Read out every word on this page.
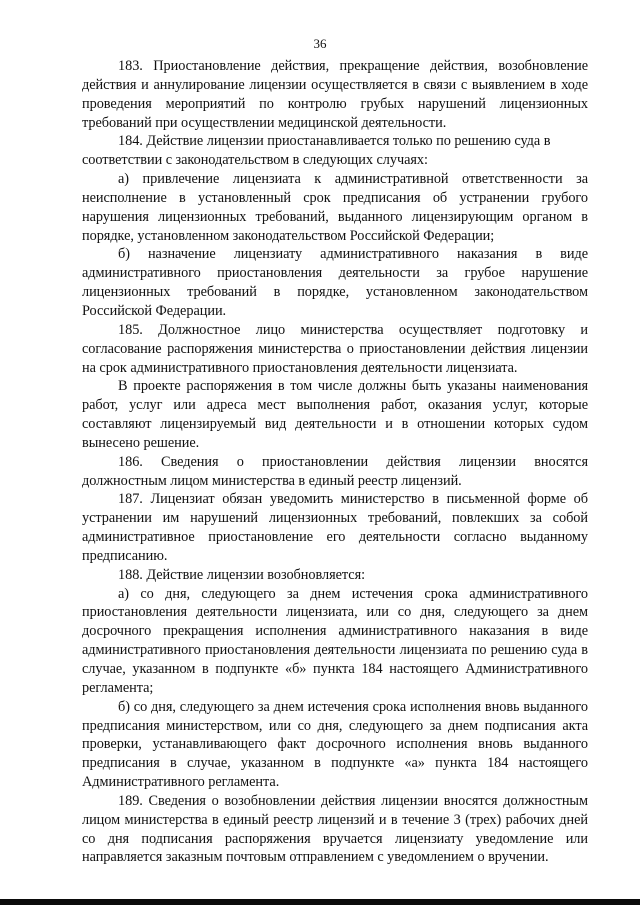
36

183. Приостановление действия, прекращение действия, возобновление действия и аннулирование лицензии осуществляется в связи с выявлением в ходе проведения мероприятий по контролю грубых нарушений лицензионных требований при осуществлении медицинской деятельности.

184. Действие лицензии приостанавливается только по решению суда в соответствии с законодательством в следующих случаях:

а) привлечение лицензиата к административной ответственности за неисполнение в установленный срок предписания об устранении грубого нарушения лицензионных требований, выданного лицензирующим органом в порядке, установленном законодательством Российской Федерации;

б) назначение лицензиату административного наказания в виде административного приостановления деятельности за грубое нарушение лицензионных требований в порядке, установленном законодательством Российской Федерации.

185. Должностное лицо министерства осуществляет подготовку и согласование распоряжения министерства о приостановлении действия лицензии на срок административного приостановления деятельности лицензиата.

В проекте распоряжения в том числе должны быть указаны наименования работ, услуг или адреса мест выполнения работ, оказания услуг, которые составляют лицензируемый вид деятельности и в отношении которых судом вынесено решение.

186. Сведения о приостановлении действия лицензии вносятся должностным лицом министерства в единый реестр лицензий.

187. Лицензиат обязан уведомить министерство в письменной форме об устранении им нарушений лицензионных требований, повлекших за собой административное приостановление его деятельности согласно выданному предписанию.

188. Действие лицензии возобновляется:

а) со дня, следующего за днем истечения срока административного приостановления деятельности лицензиата, или со дня, следующего за днем досрочного прекращения исполнения административного наказания в виде административного приостановления деятельности лицензиата по решению суда в случае, указанном в подпункте «б» пункта 184 настоящего Административного регламента;

б) со дня, следующего за днем истечения срока исполнения вновь выданного предписания министерством, или со дня, следующего за днем подписания акта проверки, устанавливающего факт досрочного исполнения вновь выданного предписания в случае, указанном в подпункте «а» пункта 184 настоящего Административного регламента.

189. Сведения о возобновлении действия лицензии вносятся должностным лицом министерства в единый реестр лицензий и в течение 3 (трех) рабочих дней со дня подписания распоряжения вручается лицензиату уведомление или направляется заказным почтовым отправлением с уведомлением о вручении.
